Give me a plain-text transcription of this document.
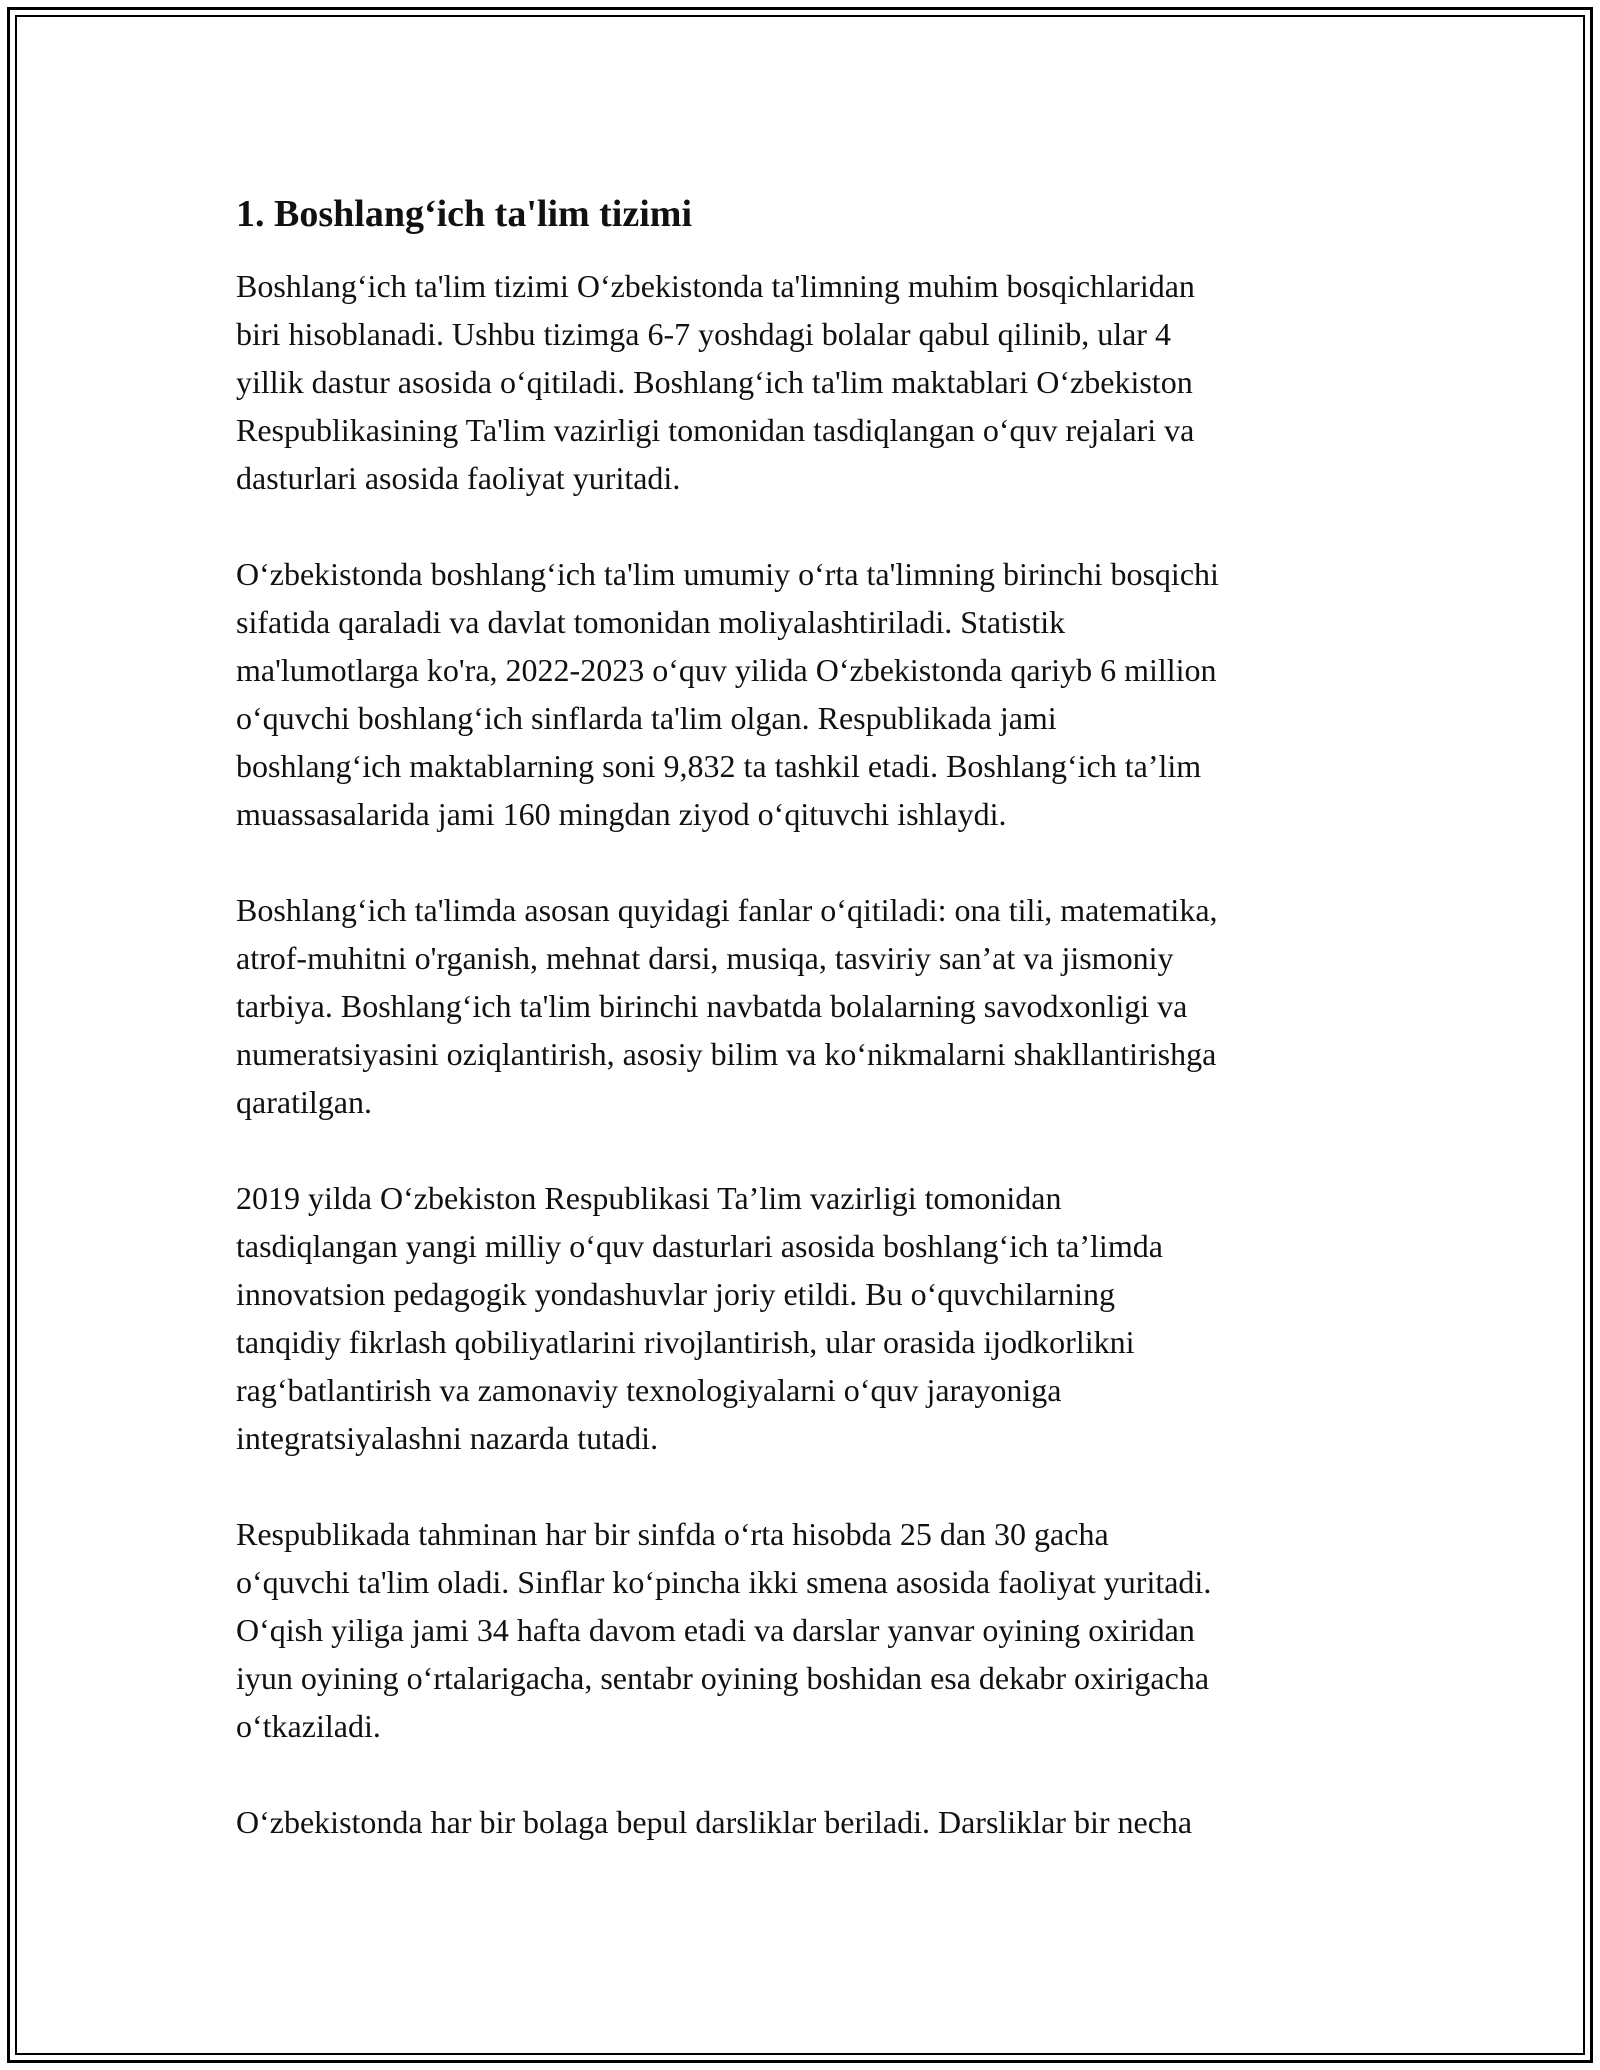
1. Boshlang‘ich ta'lim tizimi

Boshlang‘ich ta'lim tizimi O‘zbekistonda ta'limning muhim bosqichlaridan
biri hisoblanadi. Ushbu tizimga 6-7 yoshdagi bolalar qabul qilinib, ular 4
yillik dastur asosida o‘qitiladi. Boshlang‘ich ta'lim maktablari O‘zbekiston
Respublikasining Ta'lim vazirligi tomonidan tasdiqlangan o‘quv rejalari va
dasturlari asosida faoliyat yuritadi.

O‘zbekistonda boshlang‘ich ta'lim umumiy o‘rta ta'limning birinchi bosqichi
sifatida qaraladi va davlat tomonidan moliyalashtiriladi. Statistik
ma'lumotlarga ko'ra, 2022-2023 o‘quv yilida O‘zbekistonda qariyb 6 million
o‘quvchi boshlang‘ich sinflarda ta'lim olgan. Respublikada jami
boshlang‘ich maktablarning soni 9,832 ta tashkil etadi. Boshlang‘ich ta’lim
muassasalarida jami 160 mingdan ziyod o‘qituvchi ishlaydi.

Boshlang‘ich ta'limda asosan quyidagi fanlar o‘qitiladi: ona tili, matematika,
atrof-muhitni o'rganish, mehnat darsi, musiqa, tasviriy san’at va jismoniy
tarbiya. Boshlang‘ich ta'lim birinchi navbatda bolalarning savodxonligi va
numeratsiyasini oziqlantirish, asosiy bilim va ko‘nikmalarni shakllantirishga
qaratilgan.

2019 yilda O‘zbekiston Respublikasi Ta’lim vazirligi tomonidan
tasdiqlangan yangi milliy o‘quv dasturlari asosida boshlang‘ich ta’limda
innovatsion pedagogik yondashuvlar joriy etildi. Bu o‘quvchilarning
tanqidiy fikrlash qobiliyatlarini rivojlantirish, ular orasida ijodkorlikni
rag‘batlantirish va zamonaviy texnologiyalarni o‘quv jarayoniga
integratsiyalashni nazarda tutadi.

Respublikada tahminan har bir sinfda o‘rta hisobda 25 dan 30 gacha
o‘quvchi ta'lim oladi. Sinflar ko‘pincha ikki smena asosida faoliyat yuritadi.
O‘qish yiliga jami 34 hafta davom etadi va darslar yanvar oyining oxiridan
iyun oyining o‘rtalarigacha, sentabr oyining boshidan esa dekabr oxirigacha
o‘tkaziladi.

O‘zbekistonda har bir bolaga bepul darsliklar beriladi. Darsliklar bir necha
